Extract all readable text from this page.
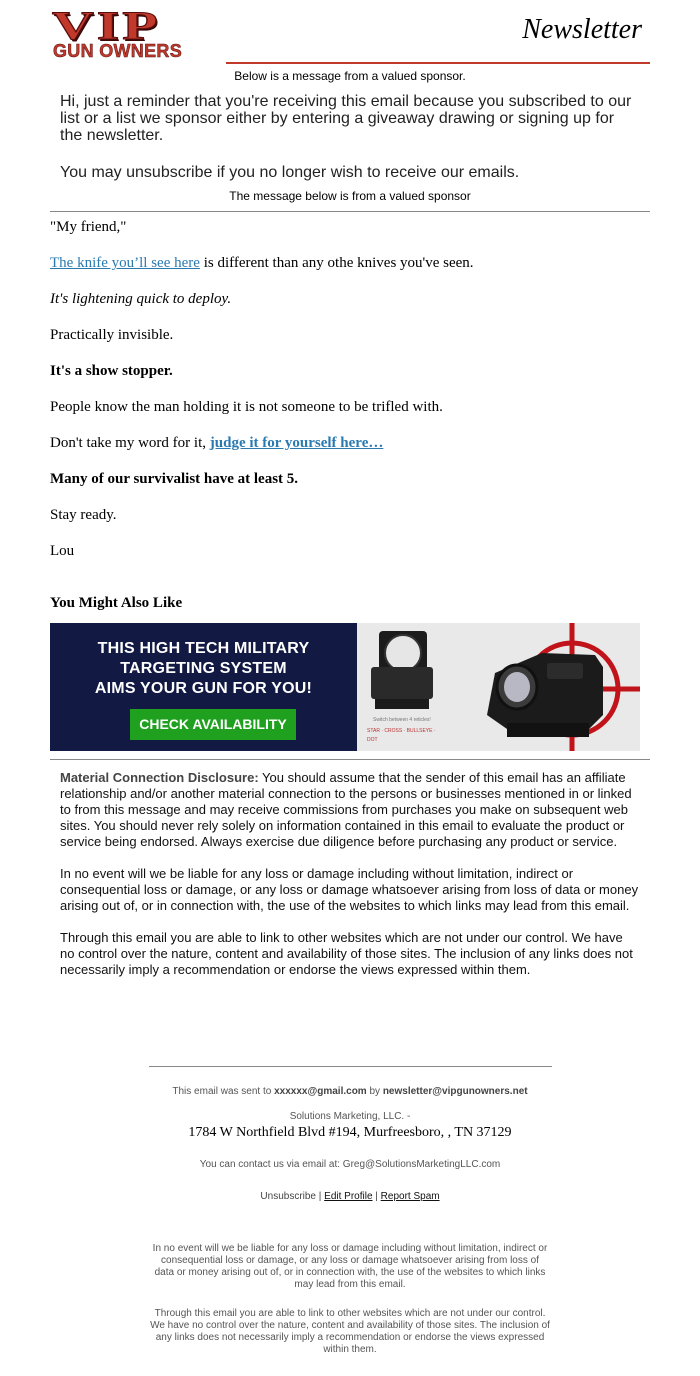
VIP
GUN OWNERS
Newsletter
Below is a message from a valued sponsor.

Hi, just a reminder that you're receiving this email because you subscribed to our list or a list we sponsor either by entering a giveaway drawing or signing up for the newsletter.

You may unsubscribe if you no longer wish to receive our emails.

The message below is from a valued sponsor

"My friend,"

The knife you’ll see here is different than any othe knives you've seen.

It's lightening quick to deploy.

Practically invisible.

It's a show stopper.

People know the man holding it is not someone to be trifled with.

Don't take my word for it, judge it for yourself here…

Many of our survivalist have at least 5.

Stay ready.

Lou

You Might Also Like
THIS HIGH TECH MILITARY
TARGETING SYSTEM
AIMS YOUR GUN FOR YOU!
CHECK AVAILABILITY	Switch between 4 reticles!
STAR · CROSS · BULLSEYE · DOT

Material Connection Disclosure: You should assume that the sender of this email has an affiliate relationship and/or another material connection to the persons or businesses mentioned in or linked to from this message and may receive commissions from purchases you make on subsequent web sites. You should never rely solely on information contained in this email to evaluate the product or service being endorsed. Always exercise due diligence before purchasing any product or service.

In no event will we be liable for any loss or damage including without limitation, indirect or consequential loss or damage, or any loss or damage whatsoever arising from loss of data or money arising out of, or in connection with, the use of the websites to which links may lead from this email.

Through this email you are able to link to other websites which are not under our control. We have no control over the nature, content and availability of those sites. The inclusion of any links does not necessarily imply a recommendation or endorse the views expressed within them.

This email was sent to xxxxxx@gmail.com by newsletter@vipgunowners.net
Solutions Marketing, LLC. -
1784 W Northfield Blvd #194, Murfreesboro, , TN 37129
You can contact us via email at: Greg@SolutionsMarketingLLC.com
Unsubscribe | Edit Profile | Report Spam
In no event will we be liable for any loss or damage including without limitation, indirect or consequential loss or damage, or any loss or damage whatsoever arising from loss of data or money arising out of, or in connection with, the use of the websites to which links may lead from this email.
Through this email you are able to link to other websites which are not under our control. We have no control over the nature, content and availability of those sites. The inclusion of any links does not necessarily imply a recommendation or endorse the views expressed within them.
